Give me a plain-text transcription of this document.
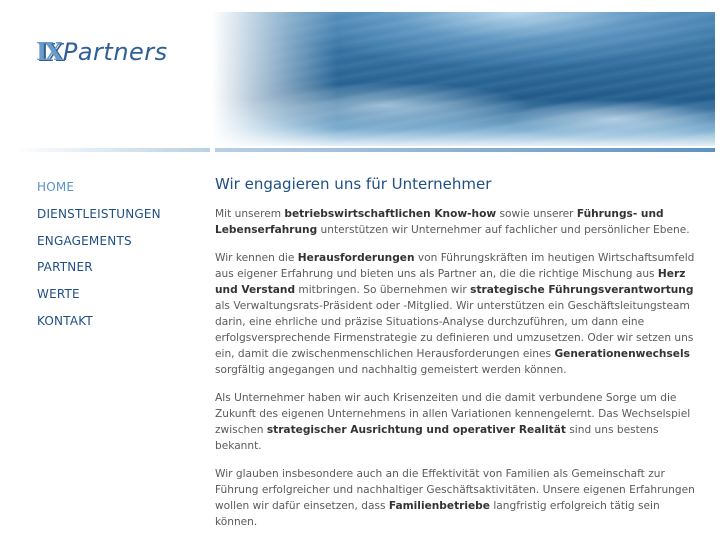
IX Partners
HOME
DIENSTLEISTUNGEN
ENGAGEMENTS
PARTNER
WERTE
KONTAKT
Wir engagieren uns für Unternehmer

Mit unserem betriebswirtschaftlichen Know-how sowie unserer Führungs- und Lebenserfahrung unterstützen wir Unternehmer auf fachlicher und persönlicher Ebene.

Wir kennen die Herausforderungen von Führungskräften im heutigen Wirtschaftsumfeld aus eigener Erfahrung und bieten uns als Partner an, die die richtige Mischung aus Herz und Verstand mitbringen. So übernehmen wir strategische Führungsverantwortung als Verwaltungsrats-Präsident oder -Mitglied. Wir unterstützen ein Geschäftsleitungsteam darin, eine ehrliche und präzise Situations-Analyse durchzuführen, um dann eine erfolgsversprechende Firmenstrategie zu definieren und umzusetzen. Oder wir setzen uns ein, damit die zwischenmenschlichen Herausforderungen eines Generationenwechsels sorgfältig angegangen und nachhaltig gemeistert werden können.

Als Unternehmer haben wir auch Krisenzeiten und die damit verbundene Sorge um die Zukunft des eigenen Unternehmens in allen Variationen kennengelernt. Das Wechselspiel zwischen strategischer Ausrichtung und operativer Realität sind uns bestens bekannt.

Wir glauben insbesondere auch an die Effektivität von Familien als Gemeinschaft zur Führung erfolgreicher und nachhaltiger Geschäftsaktivitäten. Unsere eigenen Erfahrungen wollen wir dafür einsetzen, dass Familienbetriebe langfristig erfolgreich tätig sein können.
